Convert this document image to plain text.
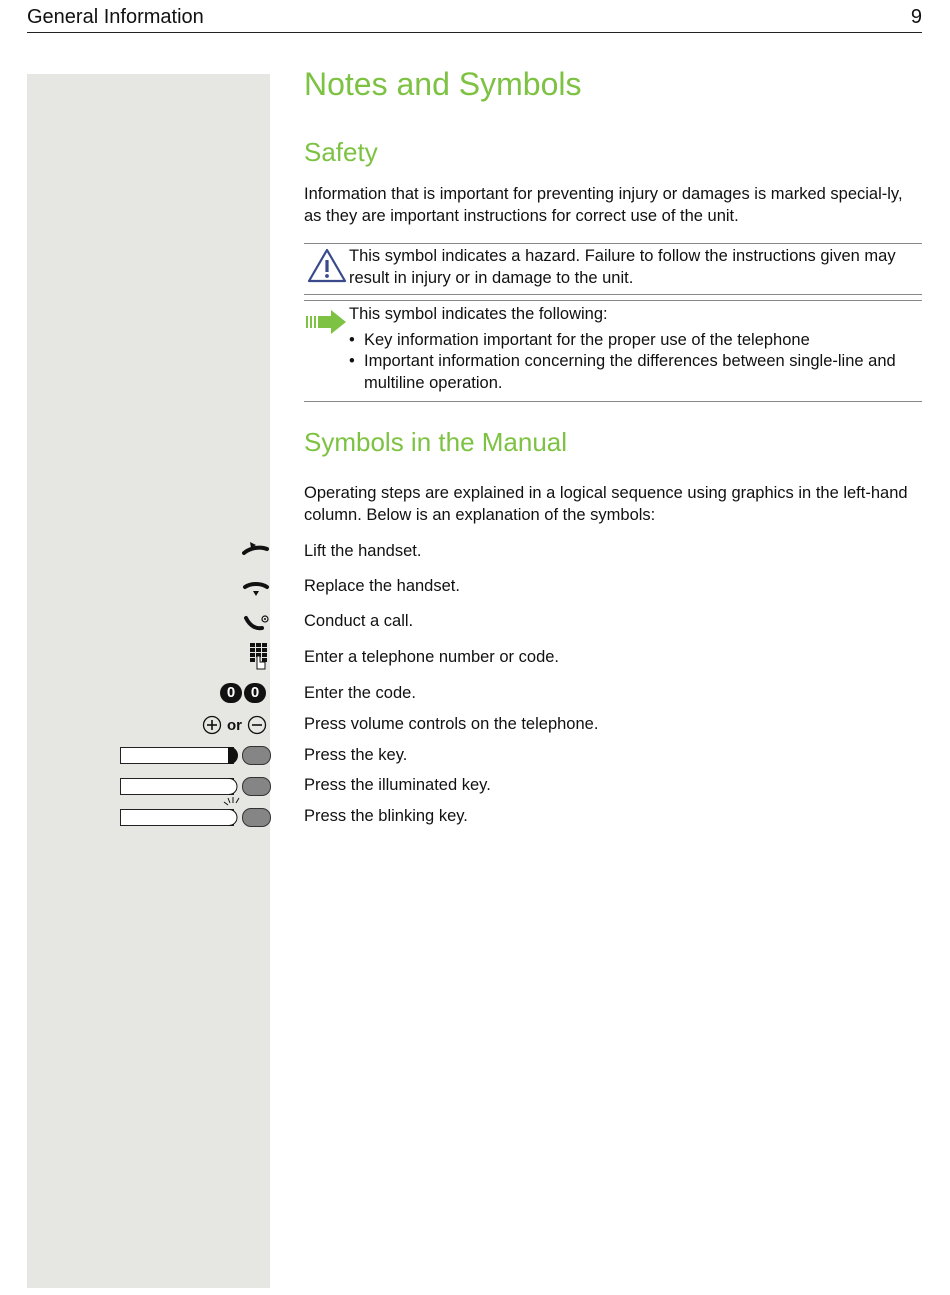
General Information	9
Notes and Symbols
Safety
Information that is important for preventing injury or damages is marked special-ly, as they are important instructions for correct use of the unit.
This symbol indicates a hazard. Failure to follow the instructions given may result in injury or in damage to the unit.
This symbol indicates the following:
• Key information important for the proper use of the telephone
• Important information concerning the differences between single-line and multiline operation.
Symbols in the Manual
Operating steps are explained in a logical sequence using graphics in the left-hand column. Below is an explanation of the symbols:
Lift the handset.
Replace the handset.
Conduct a call.
Enter a telephone number or code.
0 0	Enter the code.
or	Press volume controls on the telephone.
Press the key.
Press the illuminated key.
Press the blinking key.
